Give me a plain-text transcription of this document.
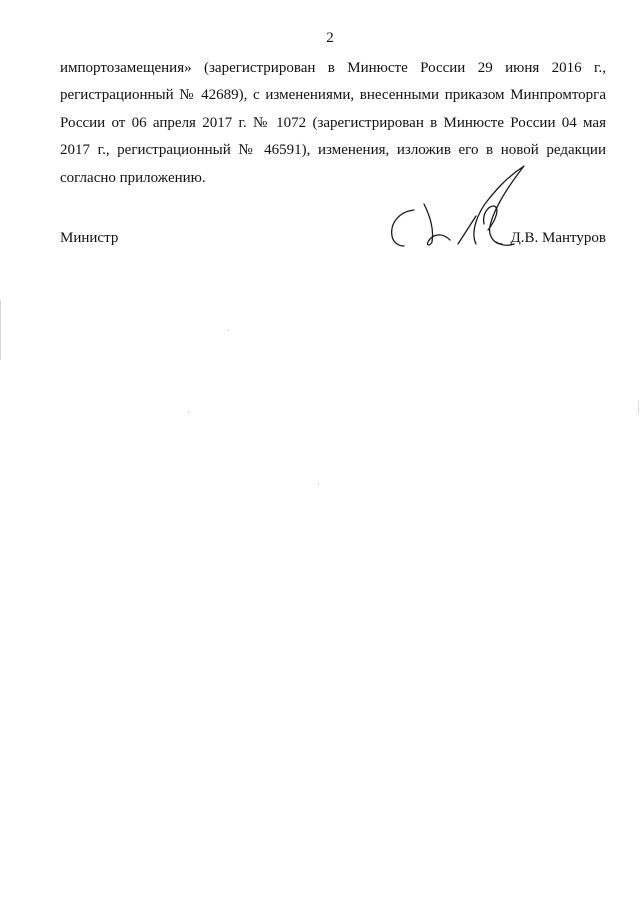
2
импортозамещения» (зарегистрирован в Минюсте России 29 июня 2016 г.,
регистрационный № 42689), с изменениями, внесенными приказом Минпромторга
России от 06 апреля 2017 г. № 1072 (зарегистрирован в Минюсте России 04 мая
2017 г., регистрационный № 46591), изменения, изложив его в новой редакции
согласно приложению.
Министр	Д.В. Мантуров
